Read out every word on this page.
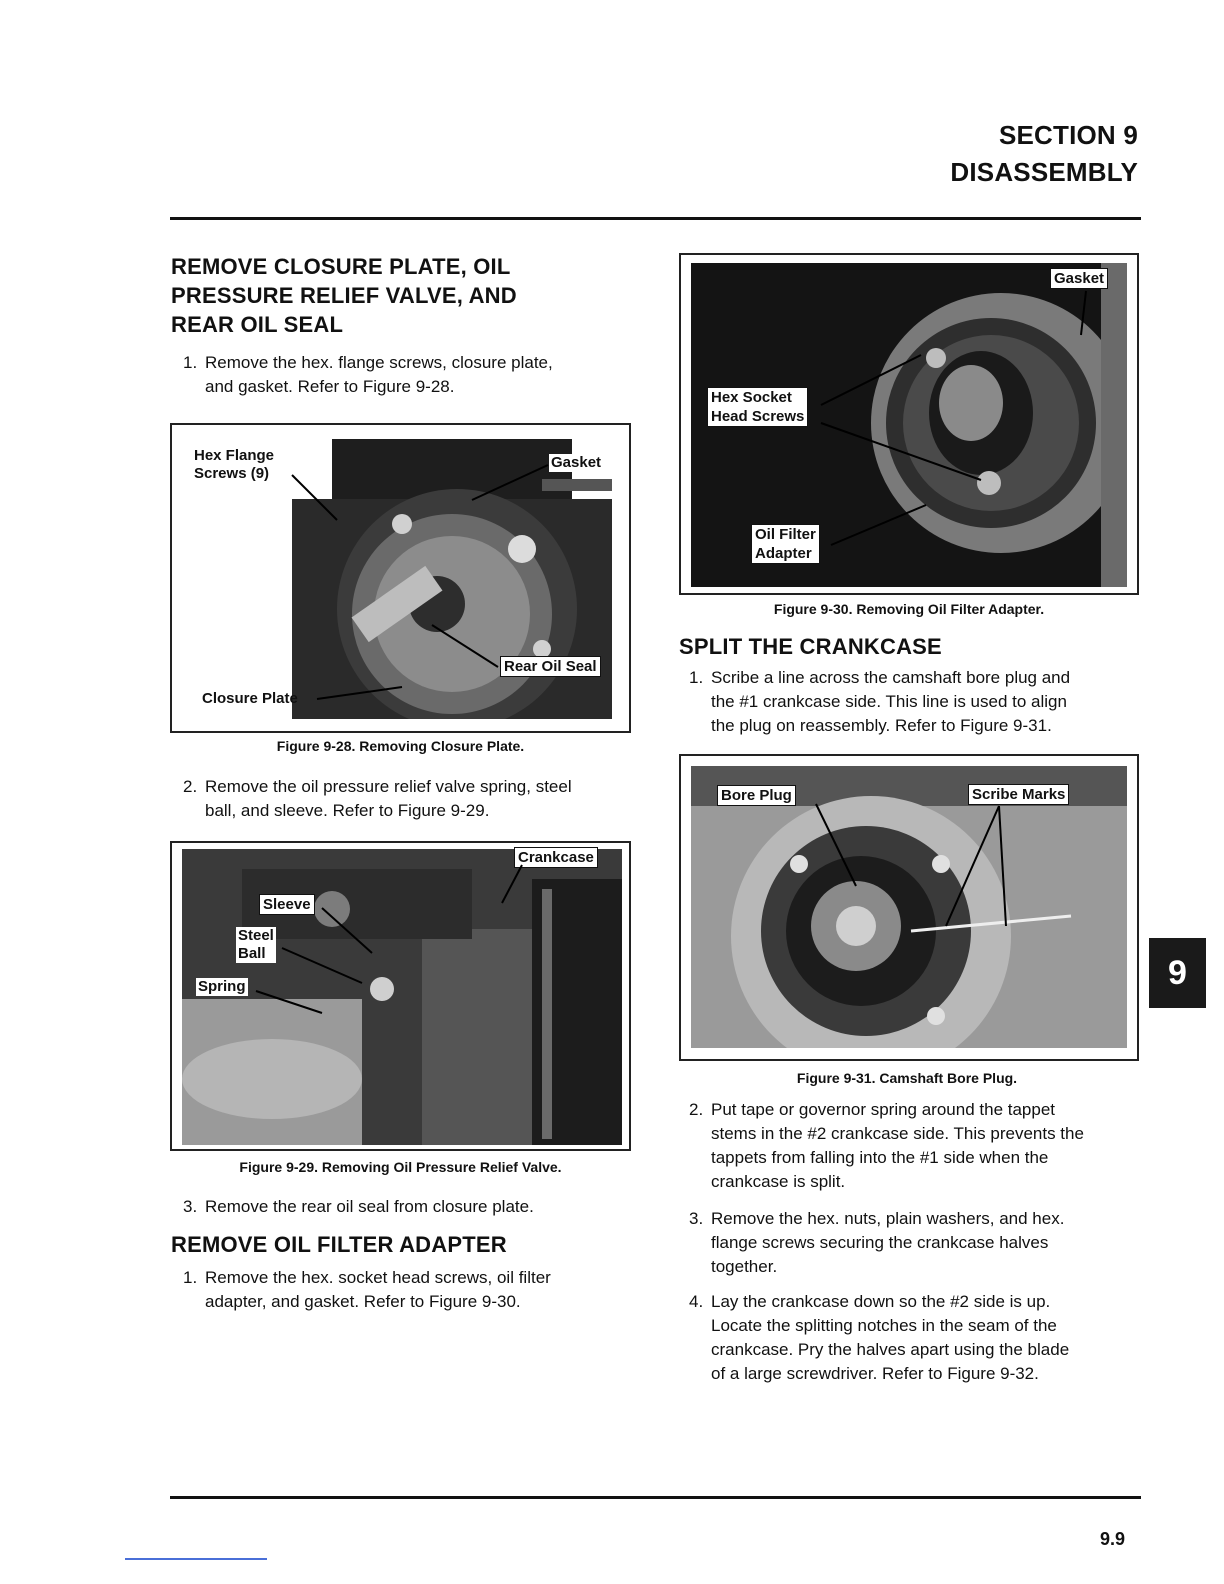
SECTION 9
DISASSEMBLY
REMOVE CLOSURE PLATE, OIL
PRESSURE RELIEF VALVE, AND
REAR OIL SEAL
1. Remove the hex. flange screws, closure plate,
and gasket. Refer to Figure 9-28.
Hex Flange
Screws (9)
Gasket
Rear Oil Seal
Closure Plate
Figure 9-28. Removing Closure Plate.
2. Remove the oil pressure relief valve spring, steel
ball, and sleeve. Refer to Figure 9-29.
Crankcase
Sleeve
Steel
Ball
Spring
Figure 9-29. Removing Oil Pressure Relief Valve.
3. Remove the rear oil seal from closure plate.
REMOVE OIL FILTER ADAPTER
1. Remove the hex. socket head screws, oil filter
adapter, and gasket. Refer to Figure 9-30.
Gasket
Hex Socket
Head Screws
Oil Filter
Adapter
Figure 9-30. Removing Oil Filter Adapter.
SPLIT THE CRANKCASE
1. Scribe a line across the camshaft bore plug and
the #1 crankcase side. This line is used to align
the plug on reassembly. Refer to Figure 9-31.
Bore Plug	Scribe Marks
Figure 9-31. Camshaft Bore Plug.
2. Put tape or governor spring around the tappet
stems in the #2 crankcase side. This prevents the
tappets from falling into the #1 side when the
crankcase is split.
3. Remove the hex. nuts, plain washers, and hex.
flange screws securing the crankcase halves
together.
4. Lay the crankcase down so the #2 side is up.
Locate the splitting notches in the seam of the
crankcase. Pry the halves apart using the blade
of a large screwdriver. Refer to Figure 9-32.
9
9.9
